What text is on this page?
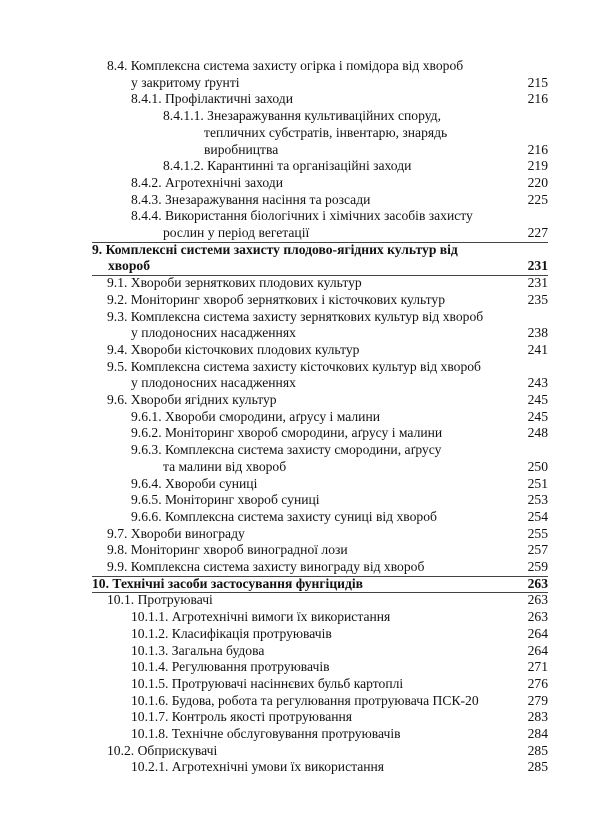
8.4. Комплексна система захисту огірка і помідора від хвороб
у закритому ґрунті	215
8.4.1. Профілактичні заходи	216
8.4.1.1. Знезаражування культиваційних споруд,
тепличних субстратів, інвентарю, знарядь
виробництва	216
8.4.1.2. Карантинні та організаційні заходи	219
8.4.2. Агротехнічні заходи	220
8.4.3. Знезаражування насіння та розсади	225
8.4.4. Використання біологічних і хімічних засобів захисту
рослин у період вегетації	227
9. Комплексні системи захисту плодово-ягідних культур від
хвороб	231
9.1. Хвороби зерняткових плодових культур	231
9.2. Моніторинг хвороб зерняткових і кісточкових культур	235
9.3. Комплексна система захисту зерняткових культур від хвороб
у плодоносних насадженнях	238
9.4. Хвороби кісточкових плодових культур	241
9.5. Комплексна система захисту кісточкових культур від хвороб
у плодоносних насадженнях	243
9.6. Хвороби ягідних культур	245
9.6.1. Хвороби смородини, аґрусу і малини	245
9.6.2. Моніторинг хвороб смородини, аґрусу і малини	248
9.6.3. Комплексна система захисту смородини, аґрусу
та малини від хвороб	250
9.6.4. Хвороби суниці	251
9.6.5. Моніторинг хвороб суниці	253
9.6.6. Комплексна система захисту суниці від хвороб	254
9.7. Хвороби винограду	255
9.8. Моніторинг хвороб виноградної лози	257
9.9. Комплексна система захисту винограду від хвороб	259
10. Технічні засоби застосування фунгіцидів	263
10.1. Протруювачі	263
10.1.1. Агротехнічні вимоги їх використання	263
10.1.2. Класифікація протруювачів	264
10.1.3. Загальна будова	264
10.1.4. Регулювання протруювачів	271
10.1.5. Протруювачі насіннєвих бульб картоплі	276
10.1.6. Будова, робота та регулювання протруювача ПСК-20	279
10.1.7. Контроль якості протруювання	283
10.1.8. Технічне обслуговування протруювачів	284
10.2. Обприскувачі	285
10.2.1. Агротехнічні умови їх використання	285
